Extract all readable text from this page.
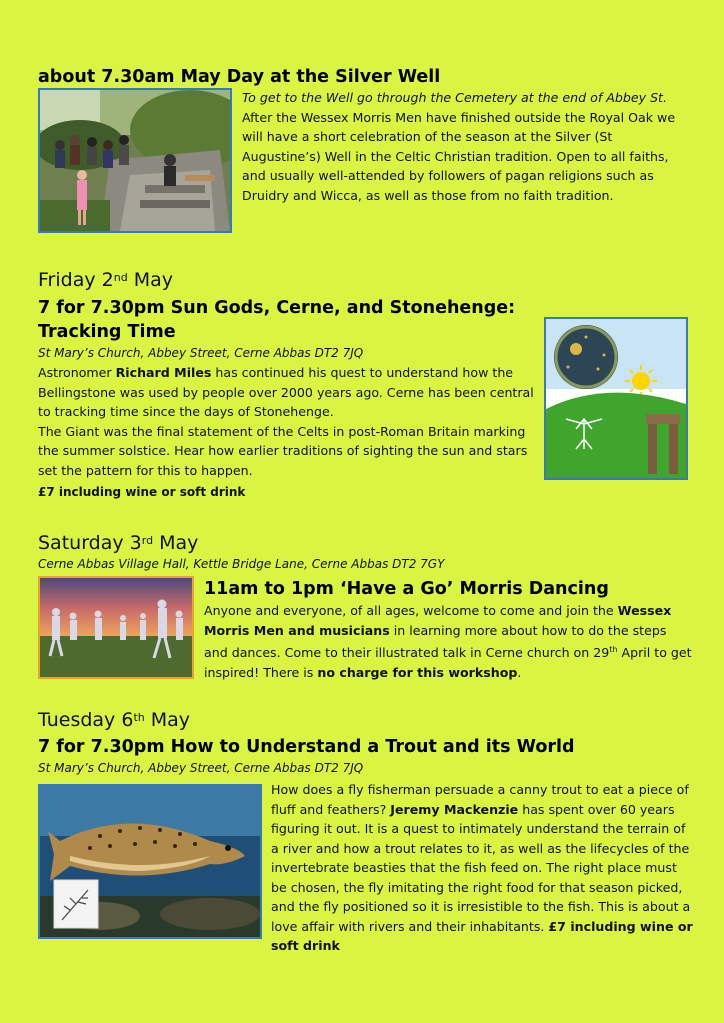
about 7.30am May Day at the Silver Well
To get to the Well go through the Cemetery at the end of Abbey St.
After the Wessex Morris Men have finished outside the Royal Oak we will have a short celebration of the season at the Silver (St Augustine’s) Well in the Celtic Christian tradition. Open to all faiths, and usually well-attended by followers of pagan religions such as Druidry and Wicca, as well as those from no faith tradition.
Friday 2nd May
7 for 7.30pm Sun Gods, Cerne, and Stonehenge:
Tracking Time
St Mary’s Church, Abbey Street, Cerne Abbas DT2 7JQ
Astronomer Richard Miles has continued his quest to understand how the Bellingstone was used by people over 2000 years ago. Cerne has been central to tracking time since the days of Stonehenge.
The Giant was the final statement of the Celts in post-Roman Britain marking the summer solstice. Hear how earlier traditions of sighting the sun and stars set the pattern for this to happen.
£7 including wine or soft drink
Saturday 3rd May
Cerne Abbas Village Hall, Kettle Bridge Lane, Cerne Abbas DT2 7GY
11am to 1pm ‘Have a Go’ Morris Dancing
Anyone and everyone, of all ages, welcome to come and join the Wessex Morris Men and musicians in learning more about how to do the steps and dances. Come to their illustrated talk in Cerne church on 29th April to get inspired! There is no charge for this workshop.
Tuesday 6th May
7 for 7.30pm How to Understand a Trout and its World
St Mary’s Church, Abbey Street, Cerne Abbas DT2 7JQ
How does a fly fisherman persuade a canny trout to eat a piece of fluff and feathers? Jeremy Mackenzie has spent over 60 years figuring it out. It is a quest to intimately understand the terrain of a river and how a trout relates to it, as well as the lifecycles of the invertebrate beasties that the fish feed on. The right place must be chosen, the fly imitating the right food for that season picked, and the fly positioned so it is irresistible to the fish. This is about a love affair with rivers and their inhabitants. £7 including wine or soft drink
